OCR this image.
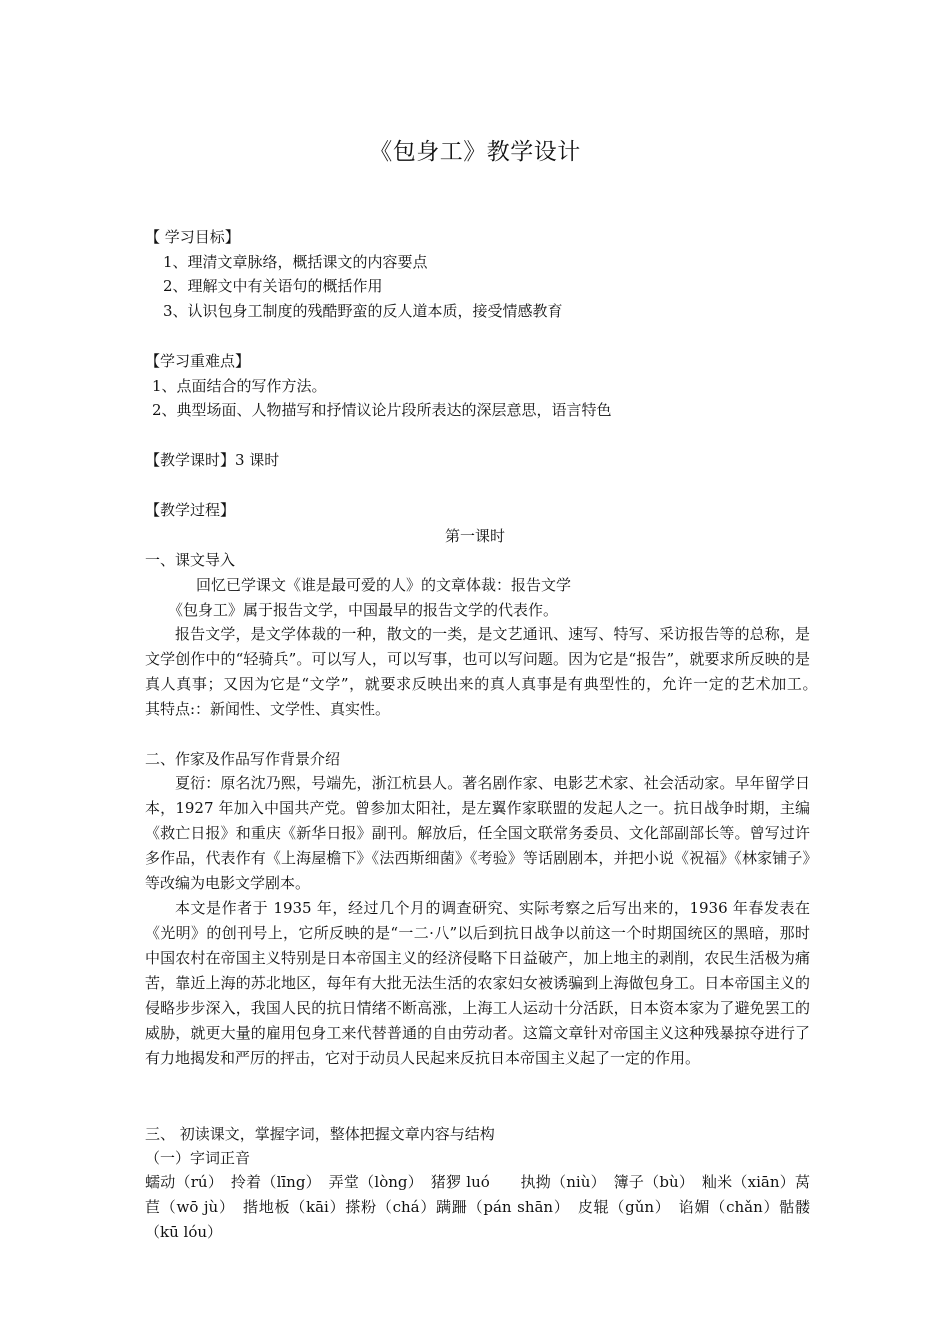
《包身工》教学设计
【 学习目标】
1、理清文章脉络，概括课文的内容要点
2、理解文中有关语句的概括作用
3、认识包身工制度的残酷野蛮的反人道本质，接受情感教育
【学习重难点】
1、点面结合的写作方法。
2、典型场面、人物描写和抒情议论片段所表达的深层意思，语言特色
【教学课时】3 课时
【教学过程】
第一课时
一、课文导入
回忆已学课文《谁是最可爱的人》的文章体裁：报告文学
《包身工》属于报告文学，中国最早的报告文学的代表作。
报告文学，是文学体裁的一种，散文的一类，是文艺通讯、速写、特写、采访报告等的总称，是文学创作中的“轻骑兵”。可以写人，可以写事，也可以写问题。因为它是“报告”，就要求所反映的是真人真事；又因为它是“文学”，就要求反映出来的真人真事是有典型性的，允许一定的艺术加工。　　其特点:：新闻性、文学性、真实性。
二、作家及作品写作背景介绍
夏衍：原名沈乃熙，号端先，浙江杭县人。著名剧作家、电影艺术家、社会活动家。早年留学日本，1927 年加入中国共产党。曾参加太阳社，是左翼作家联盟的发起人之一。抗日战争时期，主编《救亡日报》和重庆《新华日报》副刊。解放后，任全国文联常务委员、文化部副部长等。曾写过许多作品，代表作有《上海屋檐下》《法西斯细菌》《考验》等话剧剧本，并把小说《祝福》《林家铺子》等改编为电影文学剧本。
本文是作者于 1935 年，经过几个月的调查研究、实际考察之后写出来的，1936 年春发表在《光明》的创刊号上，它所反映的是“一二·八”以后到抗日战争以前这一个时期国统区的黑暗，那时中国农村在帝国主义特别是日本帝国主义的经济侵略下日益破产，加上地主的剥削，农民生活极为痛苦，靠近上海的苏北地区，每年有大批无法生活的农家妇女被诱骗到上海做包身工。日本帝国主义的侵略步步深入，我国人民的抗日情绪不断高涨，上海工人运动十分活跃，日本资本家为了避免罢工的威胁，就更大量的雇用包身工来代替普通的自由劳动者。这篇文章针对帝国主义这种残暴掠夺进行了有力地揭发和严厉的抨击，它对于动员人民起来反抗日本帝国主义起了一定的作用。
三、 初读课文，掌握字词，整体把握文章内容与结构
（一）字词正音
蠕动（rú）　拎着（līng）　弄堂（lòng）　猪猡 luó　　执拗（niù）　簿子（bù）　籼米（xiān）莴苣（wō jù）　揩地板（kāi）搽粉（chá）蹒跚（pán shān）　皮辊（gǔn）　谄媚（chǎn）骷髅（kū lóu）
